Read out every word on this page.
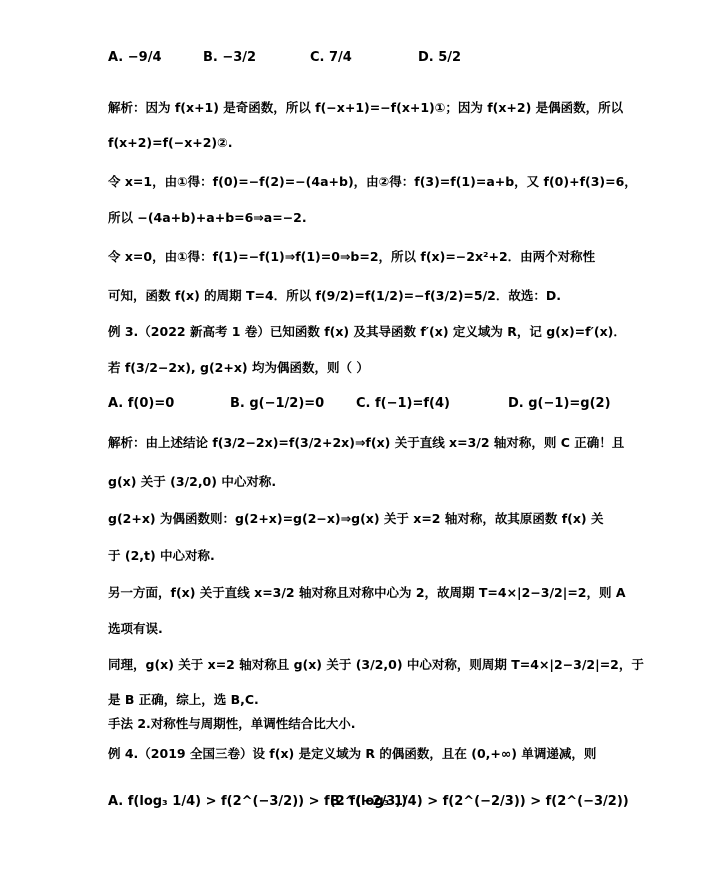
A. −9/4	B. −3/2	C. 7/4	D. 5/2
解析：因为 f(x+1) 是奇函数，所以 f(−x+1)=−f(x+1)①；因为 f(x+2) 是偶函数，所以
f(x+2)=f(−x+2)②.
令 x=1，由①得：f(0)=−f(2)=−(4a+b)，由②得：f(3)=f(1)=a+b，又 f(0)+f(3)=6，
所以 −(4a+b)+a+b=6⇒a=−2.
令 x=0，由①得：f(1)=−f(1)⇒f(1)=0⇒b=2，所以 f(x)=−2x²+2．由两个对称性
可知，函数 f(x) 的周期 T=4．所以 f(9/2)=f(1/2)=−f(3/2)=5/2．故选：D.
例 3.（2022 新高考 1 卷）已知函数 f(x) 及其导函数 f′(x) 定义域为 R，记 g(x)=f′(x)．
若 f(3/2−2x), g(2+x) 均为偶函数，则（ ）
A. f(0)=0	B. g(−1/2)=0 C. f(−1)=f(4)	D. g(−1)=g(2)
解析：由上述结论 f(3/2−2x)=f(3/2+2x)⇒f(x) 关于直线 x=3/2 轴对称，则 C 正确！且
g(x) 关于 (3/2,0) 中心对称.
g(2+x) 为偶函数则：g(2+x)=g(2−x)⇒g(x) 关于 x=2 轴对称，故其原函数 f(x) 关
于 (2,t) 中心对称.
另一方面，f(x) 关于直线 x=3/2 轴对称且对称中心为 2，故周期 T=4×|2−3/2|=2，则 A
选项有误.
同理，g(x) 关于 x=2 轴对称且 g(x) 关于 (3/2,0) 中心对称，则周期 T=4×|2−3/2|=2，于
是 B 正确，综上，选 B,C.
手法 2.对称性与周期性，单调性结合比大小.
例 4.（2019 全国三卷）设 f(x) 是定义域为 R 的偶函数，且在 (0,+∞) 单调递减，则
A. f(log₃ 1/4) > f(2^(−3/2)) > f(2^(−2/3))
B. f(log₃ 1/4) > f(2^(−2/3)) > f(2^(−3/2))
